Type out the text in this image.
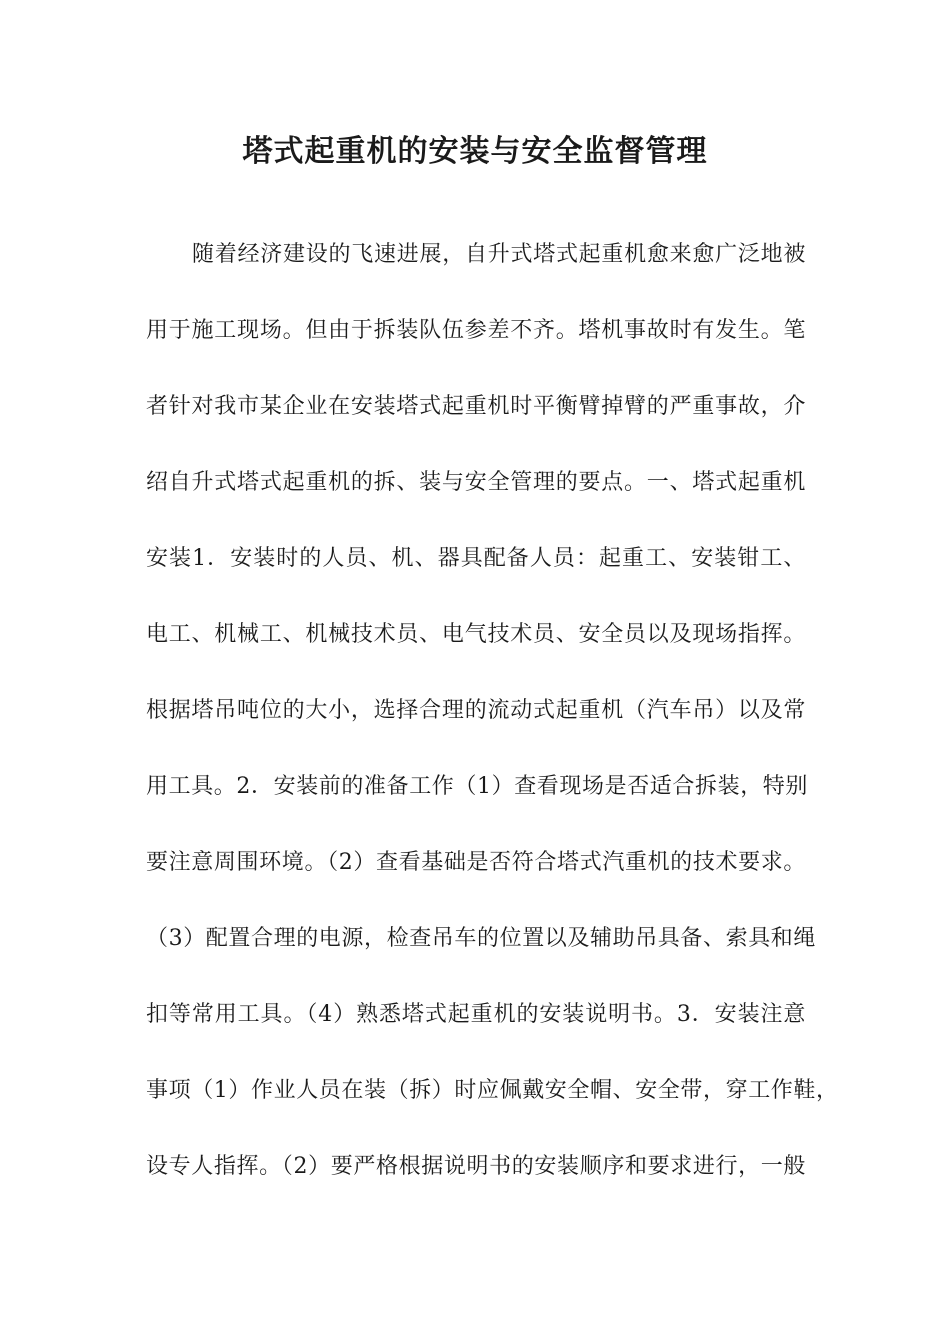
塔式起重机的安装与安全监督管理
随着经济建设的飞速进展，自升式塔式起重机愈来愈广泛地被
用于施工现场。但由于拆装队伍参差不齐。塔机事故时有发生。笔
者针对我市某企业在安装塔式起重机时平衡臂掉臂的严重事故，介
绍自升式塔式起重机的拆、装与安全管理的要点。一、塔式起重机
安装1．安装时的人员、机、器具配备人员：起重工、安装钳工、
电工、机械工、机械技术员、电气技术员、安全员以及现场指挥。
根据塔吊吨位的大小，选择合理的流动式起重机（汽车吊）以及常
用工具。2．安装前的准备工作（1）查看现场是否适合拆装，特别
要注意周围环境。（2）查看基础是否符合塔式汽重机的技术要求。
（3）配置合理的电源，检查吊车的位置以及辅助吊具备、索具和绳
扣等常用工具。（4）熟悉塔式起重机的安装说明书。3．安装注意
事项（1）作业人员在装（拆）时应佩戴安全帽、安全带，穿工作鞋，
设专人指挥。（2）要严格根据说明书的安装顺序和要求进行，一般
